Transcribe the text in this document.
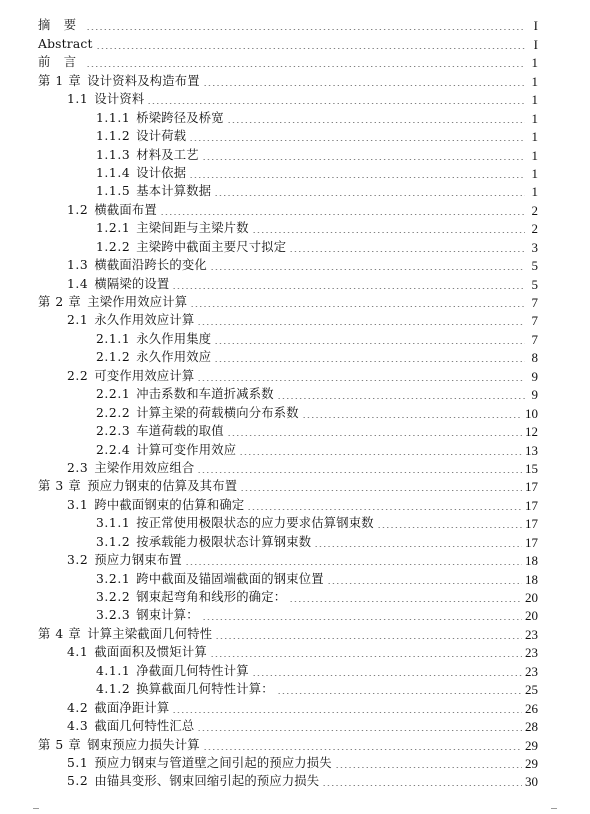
摘　要	I
Abstract	I
前　言	1
第 1 章 设计资料及构造布置	1
1.1 设计资料	1
1.1.1 桥梁跨径及桥宽	1
1.1.2 设计荷载	1
1.1.3 材料及工艺	1
1.1.4 设计依据	1
1.1.5 基本计算数据	1
1.2 横截面布置	2
1.2.1 主梁间距与主梁片数	2
1.2.2 主梁跨中截面主要尺寸拟定	3
1.3 横截面沿跨长的变化	5
1.4 横隔梁的设置	5
第 2 章 主梁作用效应计算	7
2.1 永久作用效应计算	7
2.1.1 永久作用集度	7
2.1.2 永久作用效应	8
2.2 可变作用效应计算	9
2.2.1 冲击系数和车道折减系数	9
2.2.2 计算主梁的荷载横向分布系数	10
2.2.3 车道荷载的取值	12
2.2.4 计算可变作用效应	13
2.3 主梁作用效应组合	15
第 3 章 预应力钢束的估算及其布置	17
3.1 跨中截面钢束的估算和确定	17
3.1.1 按正常使用极限状态的应力要求估算钢束数	17
3.1.2 按承载能力极限状态计算钢束数	17
3.2 预应力钢束布置	18
3.2.1 跨中截面及锚固端截面的钢束位置	18
3.2.2 钢束起弯角和线形的确定：	20
3.2.3 钢束计算：	20
第 4 章 计算主梁截面几何特性	23
4.1 截面面积及惯矩计算	23
4.1.1 净截面几何特性计算	23
4.1.2 换算截面几何特性计算：	25
4.2 截面净距计算	26
4.3 截面几何特性汇总	28
第 5 章 钢束预应力损失计算	29
5.1 预应力钢束与管道壁之间引起的预应力损失	29
5.2 由锚具变形、钢束回缩引起的预应力损失	30
